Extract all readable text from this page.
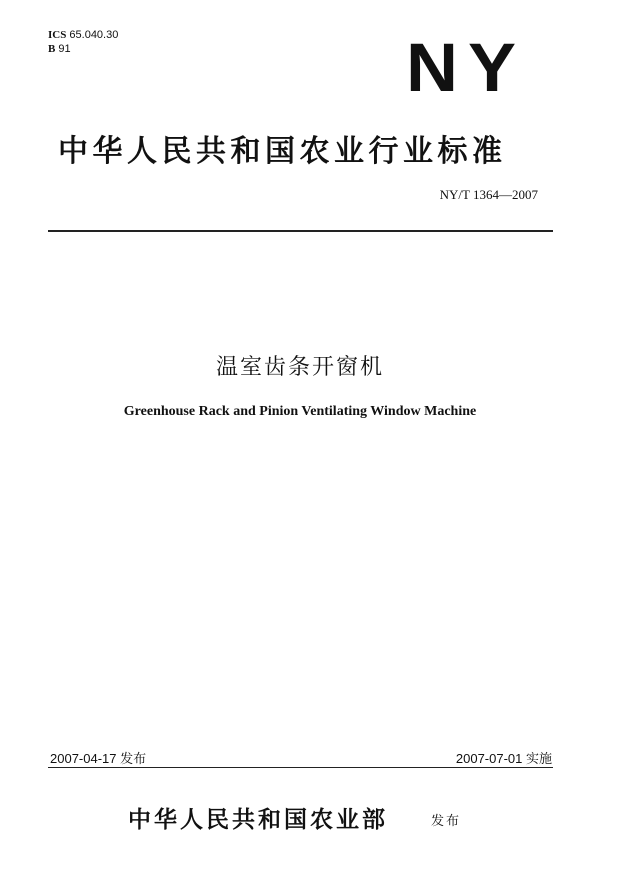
ICS 65.040.30
B 91	NY
中华人民共和国农业行业标准
NY/T 1364—2007
温室齿条开窗机
Greenhouse Rack and Pinion Ventilating Window Machine
2007-04-17 发布	2007-07-01 实施
中华人民共和国农业部	发布
